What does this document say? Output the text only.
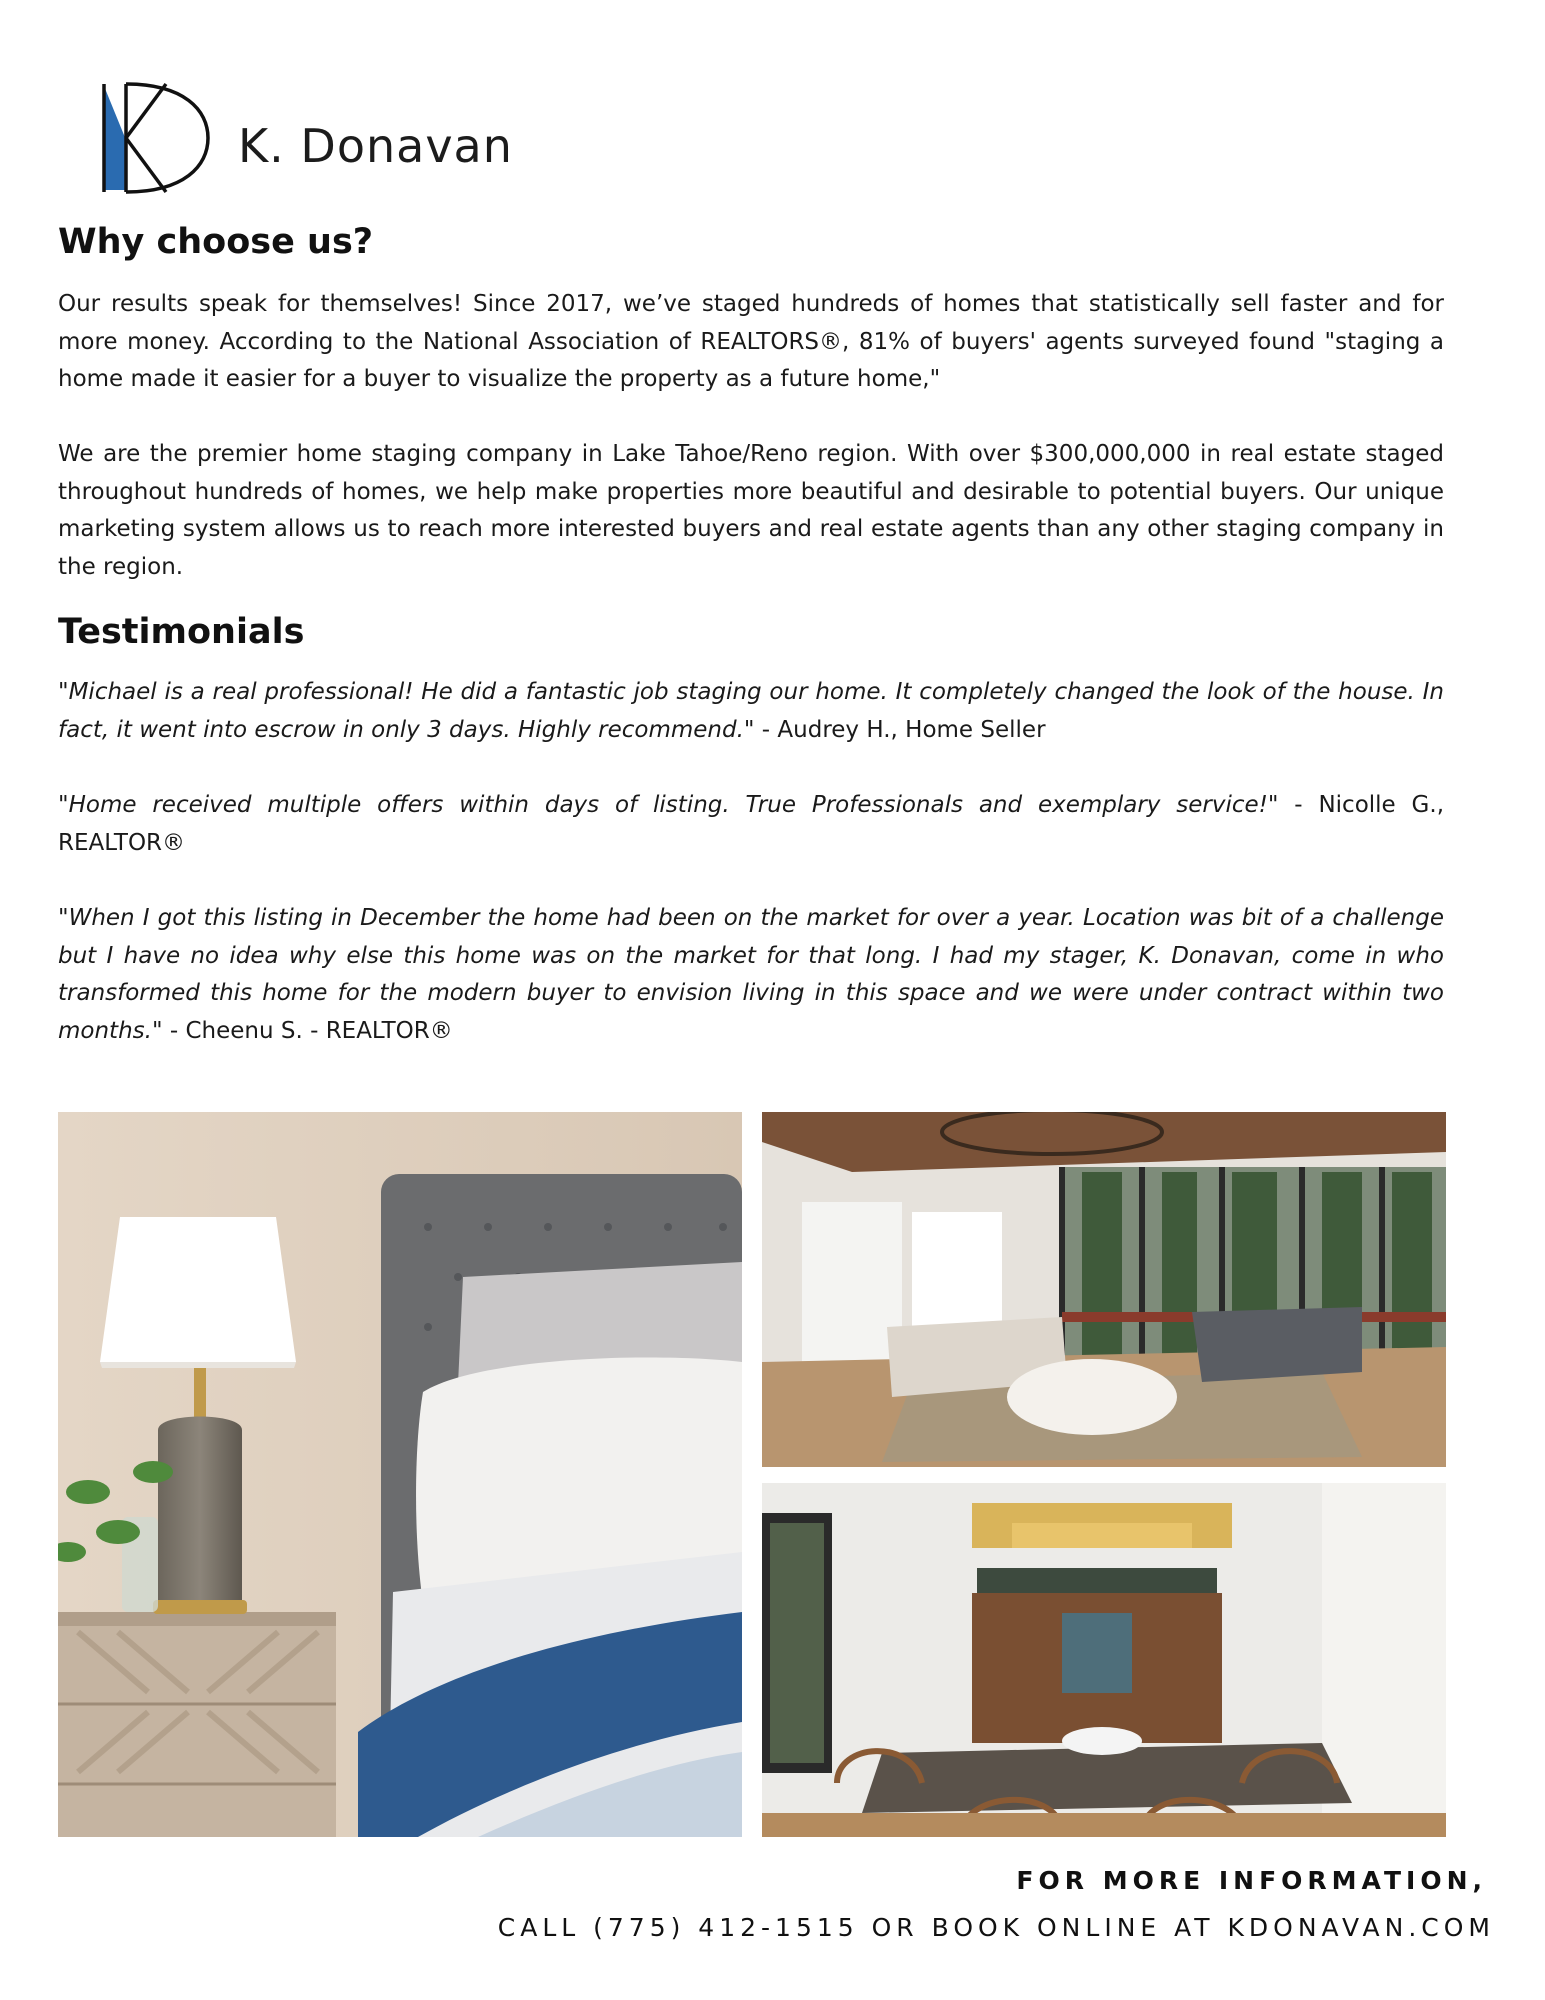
K. Donavan
Why choose us?

Our results speak for themselves! Since 2017, we’ve staged hundreds of homes that statistically sell faster and for more money. According to the National Association of REALTORS®, 81% of buyers' agents surveyed found "staging a home made it easier for a buyer to visualize the property as a future home,"

We are the premier home staging company in Lake Tahoe/Reno region. With over $300,000,000 in real estate staged throughout hundreds of homes, we help make properties more beautiful and desirable to potential buyers. Our unique marketing system allows us to reach more interested buyers and real estate agents than any other staging company in the region.

Testimonials

"Michael is a real professional! He did a fantastic job staging our home. It completely changed the look of the house. In fact, it went into escrow in only 3 days. Highly recommend." - Audrey H., Home Seller

"Home received multiple offers within days of listing. True Professionals and exemplary service!" - Nicolle G., REALTOR®

"When I got this listing in December the home had been on the market for over a year. Location was bit of a challenge but I have no idea why else this home was on the market for that long. I had my stager, K. Donavan, come in who transformed this home for the modern buyer to envision living in this space and we were under contract within two months." - Cheenu S. - REALTOR®

FOR MORE INFORMATION,
CALL (775) 412-1515 OR BOOK ONLINE AT KDONAVAN.COM
